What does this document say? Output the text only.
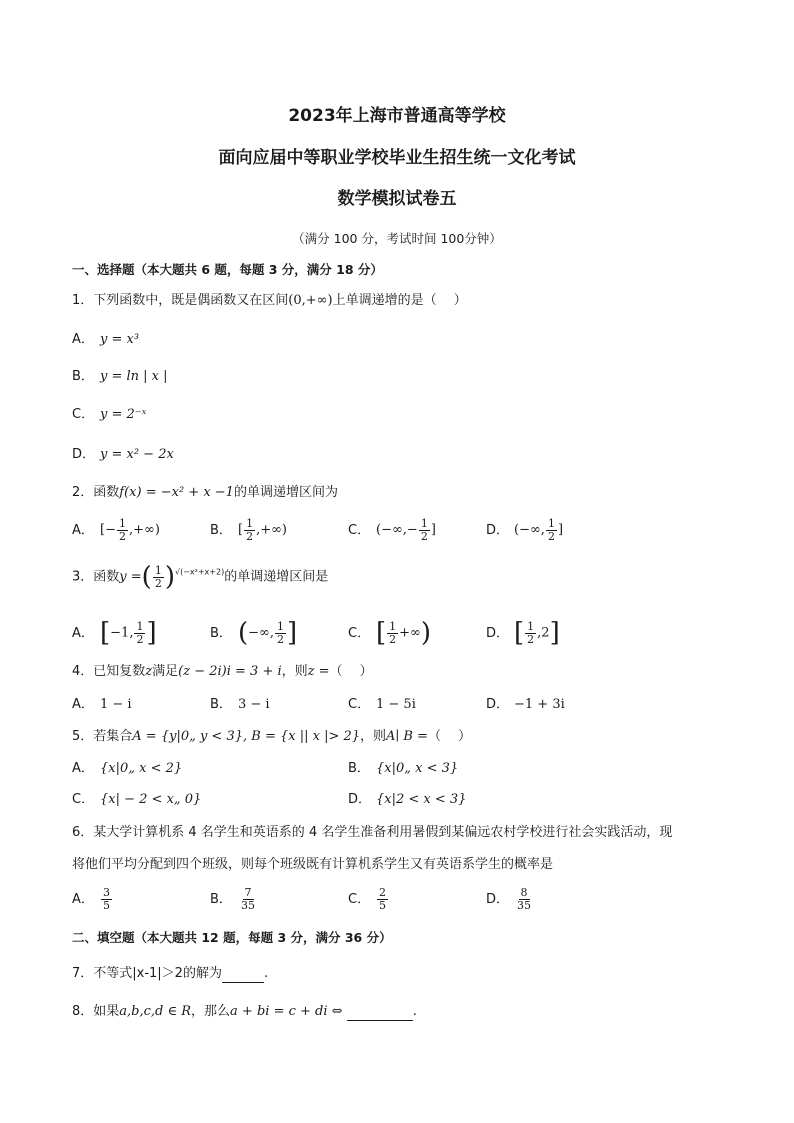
2023年上海市普通高等学校
面向应届中等职业学校毕业生招生统一文化考试
数学模拟试卷五
（满分 100 分，考试时间 100分钟）
一、选择题（本大题共 6 题，每题 3 分，满分 18 分）
1．下列函数中，既是偶函数又在区间(0,+∞)上单调递增的是（　 ）
A． y = x³
B． y = ln | x |
C． y = 2⁻ˣ
D． y = x² − 2x
2．函数f(x) = −x² + x −1的单调递增区间为
A． [− $\frac{1}{2}$ ,+∞)	B． [ $\frac{1}{2}$ ,+∞)	C． (−∞,− $\frac{1}{2}$ ]	D． (−∞, $\frac{1}{2}$ ]
3．函数y =( $\frac{1}{2} )^{√(-x^2+x+2)}$的单调递增区间是
A． [−1, $\frac{1}{2}$ ]	B． (−∞, $\frac{1}{2}$ ]	C． [ $\frac{1}{2}$ +∞)	D． [ $\frac{1}{2} ,2$]
4．已知复数z满足(z − 2i)i = 3 + i，则z =（　 ）
A． 1 − i	B． 3 − i	C． 1 − 5i	D． −1 + 3i
5．若集合A = {y|0„ y < 3}, B = {x || x |> 2}，则A∣ B =（　 ）
A． {x|0„ x < 2}	B． {x|0„ x < 3}
C． {x| − 2 < x„ 0}	D． {x|2 < x < 3}
6．某大学计算机系 4 名学生和英语系的 4 名学生准备利用暑假到某偏远农村学校进行社会实践活动，现
将他们平均分配到四个班级，则每个班级既有计算机系学生又有英语系学生的概率是
A． $\frac{3}{5}$	B． $\frac{7}{35}$	C． $\frac{2}{5}$	D． $\frac{8}{35}$
二、填空题（本大题共 12 题，每题 3 分，满分 36 分）
7．不等式|x-1|＞2的解为	.
8．如果a,b,c,d ∈ R，那么a + bi = c + di ⇔	.
